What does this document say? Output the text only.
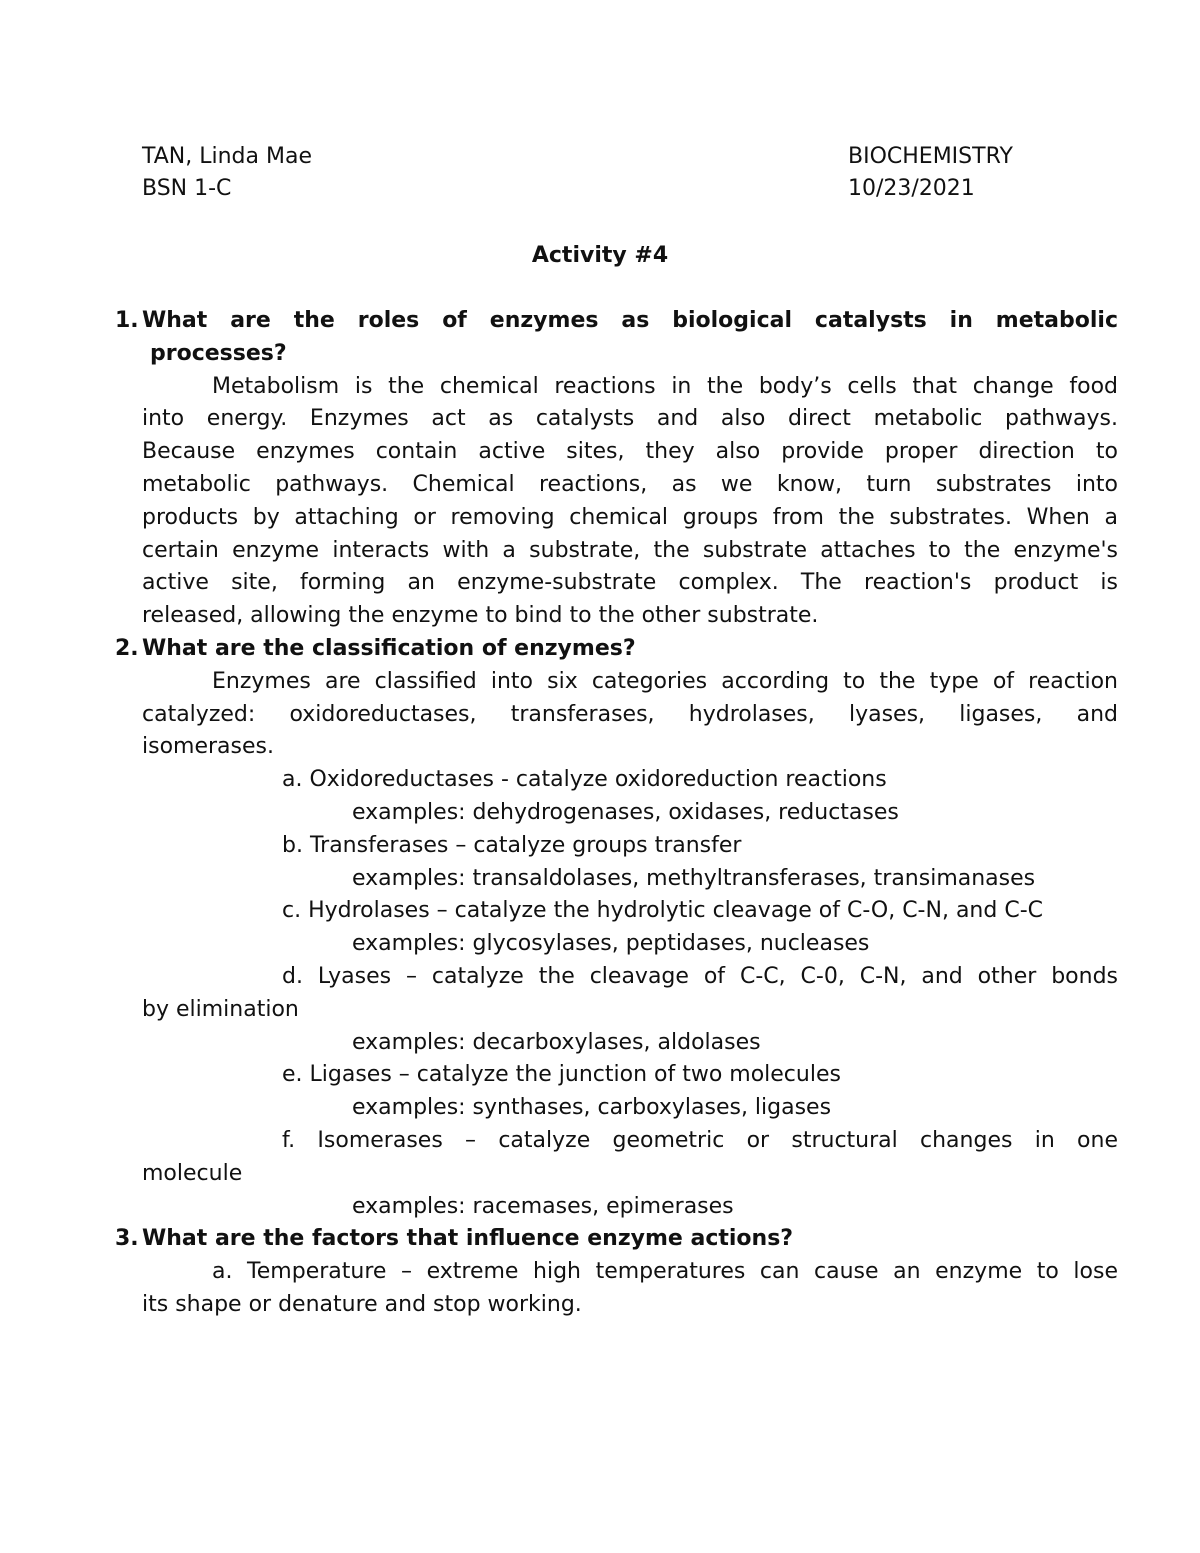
TAN, Linda Mae
BSN 1-C
BIOCHEMISTRY
10/23/2021
Activity #4
1. What are the roles of enzymes as biological catalysts in metabolic
processes?
Metabolism is the chemical reactions in the body’s cells that change food
into energy. Enzymes act as catalysts and also direct metabolic pathways.
Because enzymes contain active sites, they also provide proper direction to
metabolic pathways. Chemical reactions, as we know, turn substrates into
products by attaching or removing chemical groups from the substrates. When a
certain enzyme interacts with a substrate, the substrate attaches to the enzyme's
active site, forming an enzyme-substrate complex. The reaction's product is
released, allowing the enzyme to bind to the other substrate.
2. What are the classification of enzymes?
Enzymes are classified into six categories according to the type of reaction
catalyzed: oxidoreductases, transferases, hydrolases, lyases, ligases, and
isomerases.
a. Oxidoreductases - catalyze oxidoreduction reactions
examples: dehydrogenases, oxidases, reductases
b. Transferases – catalyze groups transfer
examples: transaldolases, methyltransferases, transimanases
c. Hydrolases – catalyze the hydrolytic cleavage of C-O, C-N, and C-C
examples: glycosylases, peptidases, nucleases
d. Lyases – catalyze the cleavage of C-C, C-0, C-N, and other bonds
by elimination
examples: decarboxylases, aldolases
e. Ligases – catalyze the junction of two molecules
examples: synthases, carboxylases, ligases
f. Isomerases – catalyze geometric or structural changes in one
molecule
examples: racemases, epimerases
3. What are the factors that influence enzyme actions?
a. Temperature – extreme high temperatures can cause an enzyme to lose
its shape or denature and stop working.
